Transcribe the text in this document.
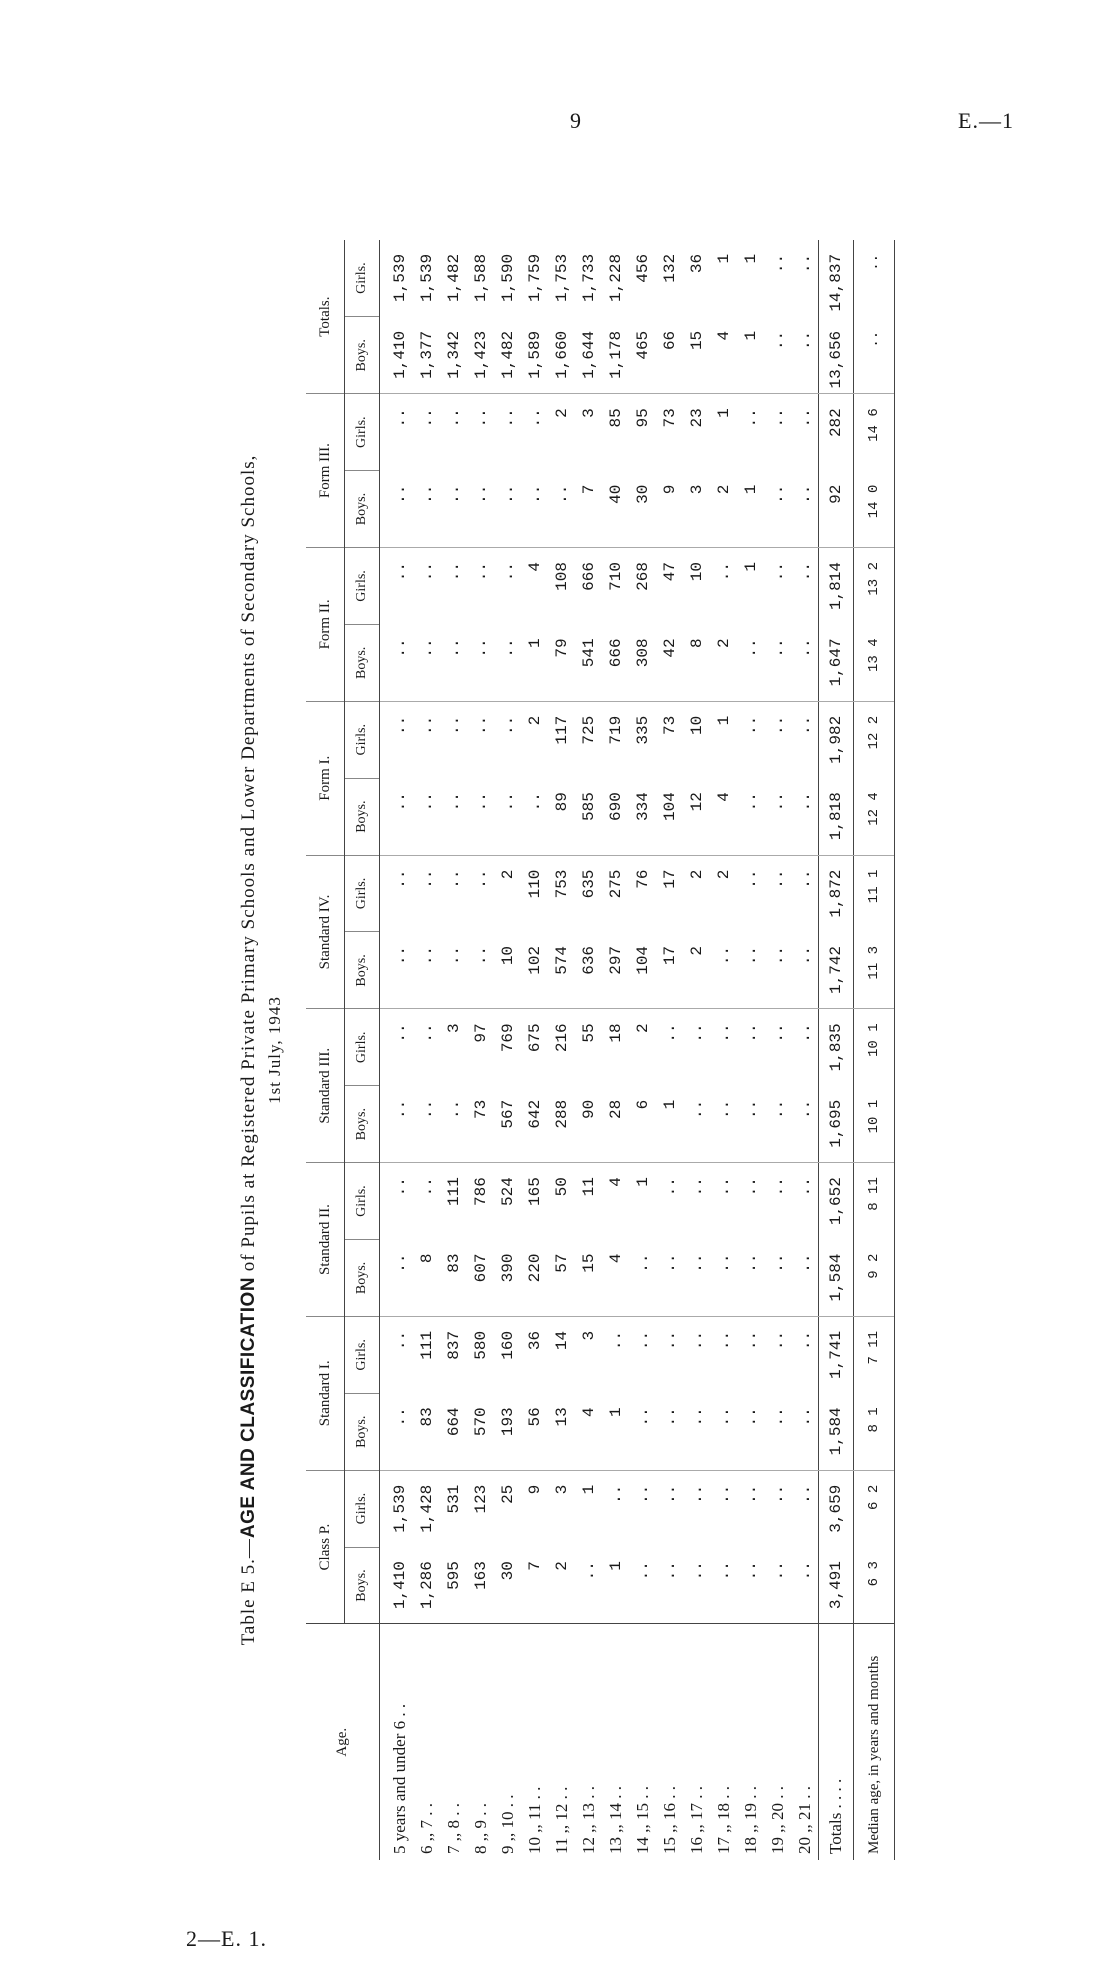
9	E.—1
Table E 5.—AGE AND CLASSIFICATION of Pupils at Registered Private Primary Schools and Lower Departments of Secondary Schools, 1st July, 1943
Age.	Class P.		Standard I.		Standard II.		Standard III.		Standard IV.		Form I.		Form II.		Form III.		Totals.	
	Boys.	Girls.	Boys.	Girls.	Boys.	Girls.	Boys.	Girls.	Boys.	Girls.	Boys.	Girls.	Boys.	Girls.	Boys.	Girls.	Boys.	Girls.
5 years and under 6 . .	1,410	1,539	..	..	..	..	..	..	..	..	..	..	..	..	..	..	1,410	1,539
6 ,, 7 . .	1,286	1,428	83	111	8	..	..	..	..	..	..	..	..	..	..	..	1,377	1,539
7 ,, 8 . .	595	531	664	837	83	111	..	3	..	..	..	..	..	..	..	..	1,342	1,482
8 ,, 9 . .	163	123	570	580	607	786	73	97	..	..	..	..	..	..	..	..	1,423	1,588
9 ,, 10 . .	30	25	193	160	390	524	567	769	10	2	..	..	..	..	..	..	1,482	1,590
10 ,, 11 . .	7	9	56	36	220	165	642	675	102	110	..	2	1	4	..	..	1,589	1,759
11 ,, 12 . .	2	3	13	14	57	50	288	216	574	753	89	117	79	108	..	2	1,660	1,753
12 ,, 13 . .	..	1	4	3	15	11	90	55	636	635	585	725	541	666	7	3	1,644	1,733
13 ,, 14 . .	1	..	1	..	4	4	28	18	297	275	690	719	666	710	40	85	1,178	1,228
14 ,, 15 . .	..	..	..	..	..	1	6	2	104	76	334	335	308	268	30	95	465	456
15 ,, 16 . .	..	..	..	..	..	..	1	..	17	17	104	73	42	47	9	73	66	132
16 ,, 17 . .	..	..	..	..	..	..	..	..	2	2	12	10	8	10	3	23	15	36
17 ,, 18 . .	..	..	..	..	..	..	..	..	..	2	4	1	2	..	2	1	4	1
18 ,, 19 . .	..	..	..	..	..	..	..	..	..	..	..	..	..	1	1	..	1	1
19 ,, 20 . .	..	..	..	..	..	..	..	..	..	..	..	..	..	..	..	..	..	..
20 ,, 21 . .	..	..	..	..	..	..	..	..	..	..	..	..	..	..	..	..	..	..
Totals . . . .	3,491	3,659	1,584	1,741	1,584	1,652	1,695	1,835	1,742	1,872	1,818	1,982	1,647	1,814	92	282	13,656	14,837
Median age, in years and months	6 3	6 2	8 1	7 11	9 2	8 11	10 1	10 1	11 3	11 1	12 4	12 2	13 4	13 2	14 0	14 6	..	..
2—E. 1.
